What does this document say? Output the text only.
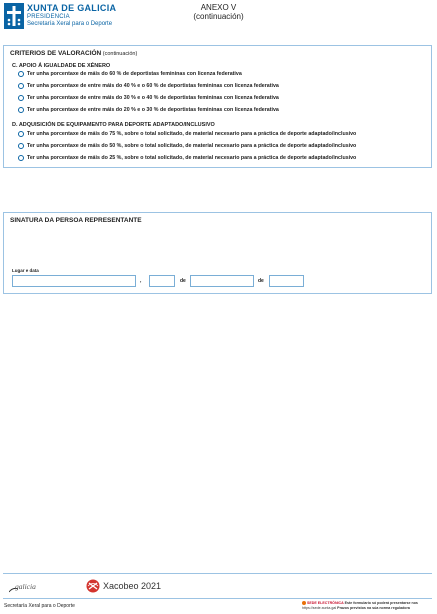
XUNTA DE GALICIA
PRESIDENCIA
Secretaría Xeral para o Deporte
ANEXO V
(continuación)
CRITERIOS DE VALORACIÓN (continuación)
C. APOIO Á IGUALDADE DE XÉNERO
Ter unha porcentaxe de máis do 60 % de deportistas femininas con licenza federativa
Ter unha porcentaxe de entre máis do 40 % e o 60 % de deportistas femininas con licenza federativa
Ter unha porcentaxe de entre máis do 30 % e o 40 % de deportistas femininas con licenza federativa
Ter unha porcentaxe de entre máis do 20 % e o 30 % de deportistas femininas con licenza federativa
D. ADQUISICIÓN DE EQUIPAMENTO PARA DEPORTE ADAPTADO/INCLUSIVO
Ter unha porcentaxe de máis do 75 %, sobre o total solicitado, de material necesario para a práctica de deporte adaptado/inclusivo
Ter unha porcentaxe de máis do 50 %, sobre o total solicitado, de material necesario para a práctica de deporte adaptado/inclusivo
Ter unha porcentaxe de máis do 25 %, sobre o total solicitado, de material necesario para a práctica de deporte adaptado/inclusivo
SINATURA DA PERSOA REPRESENTANTE
Lugar e data
,	de	de
galicia	Xacobeo 2021
Secretaría Xeral para o Deporte	SEDE ELECTRÓNICA Este formulario só poderá presentarse nos
https://sede.xunta.gal Prazos previstos na súa norma reguladora
